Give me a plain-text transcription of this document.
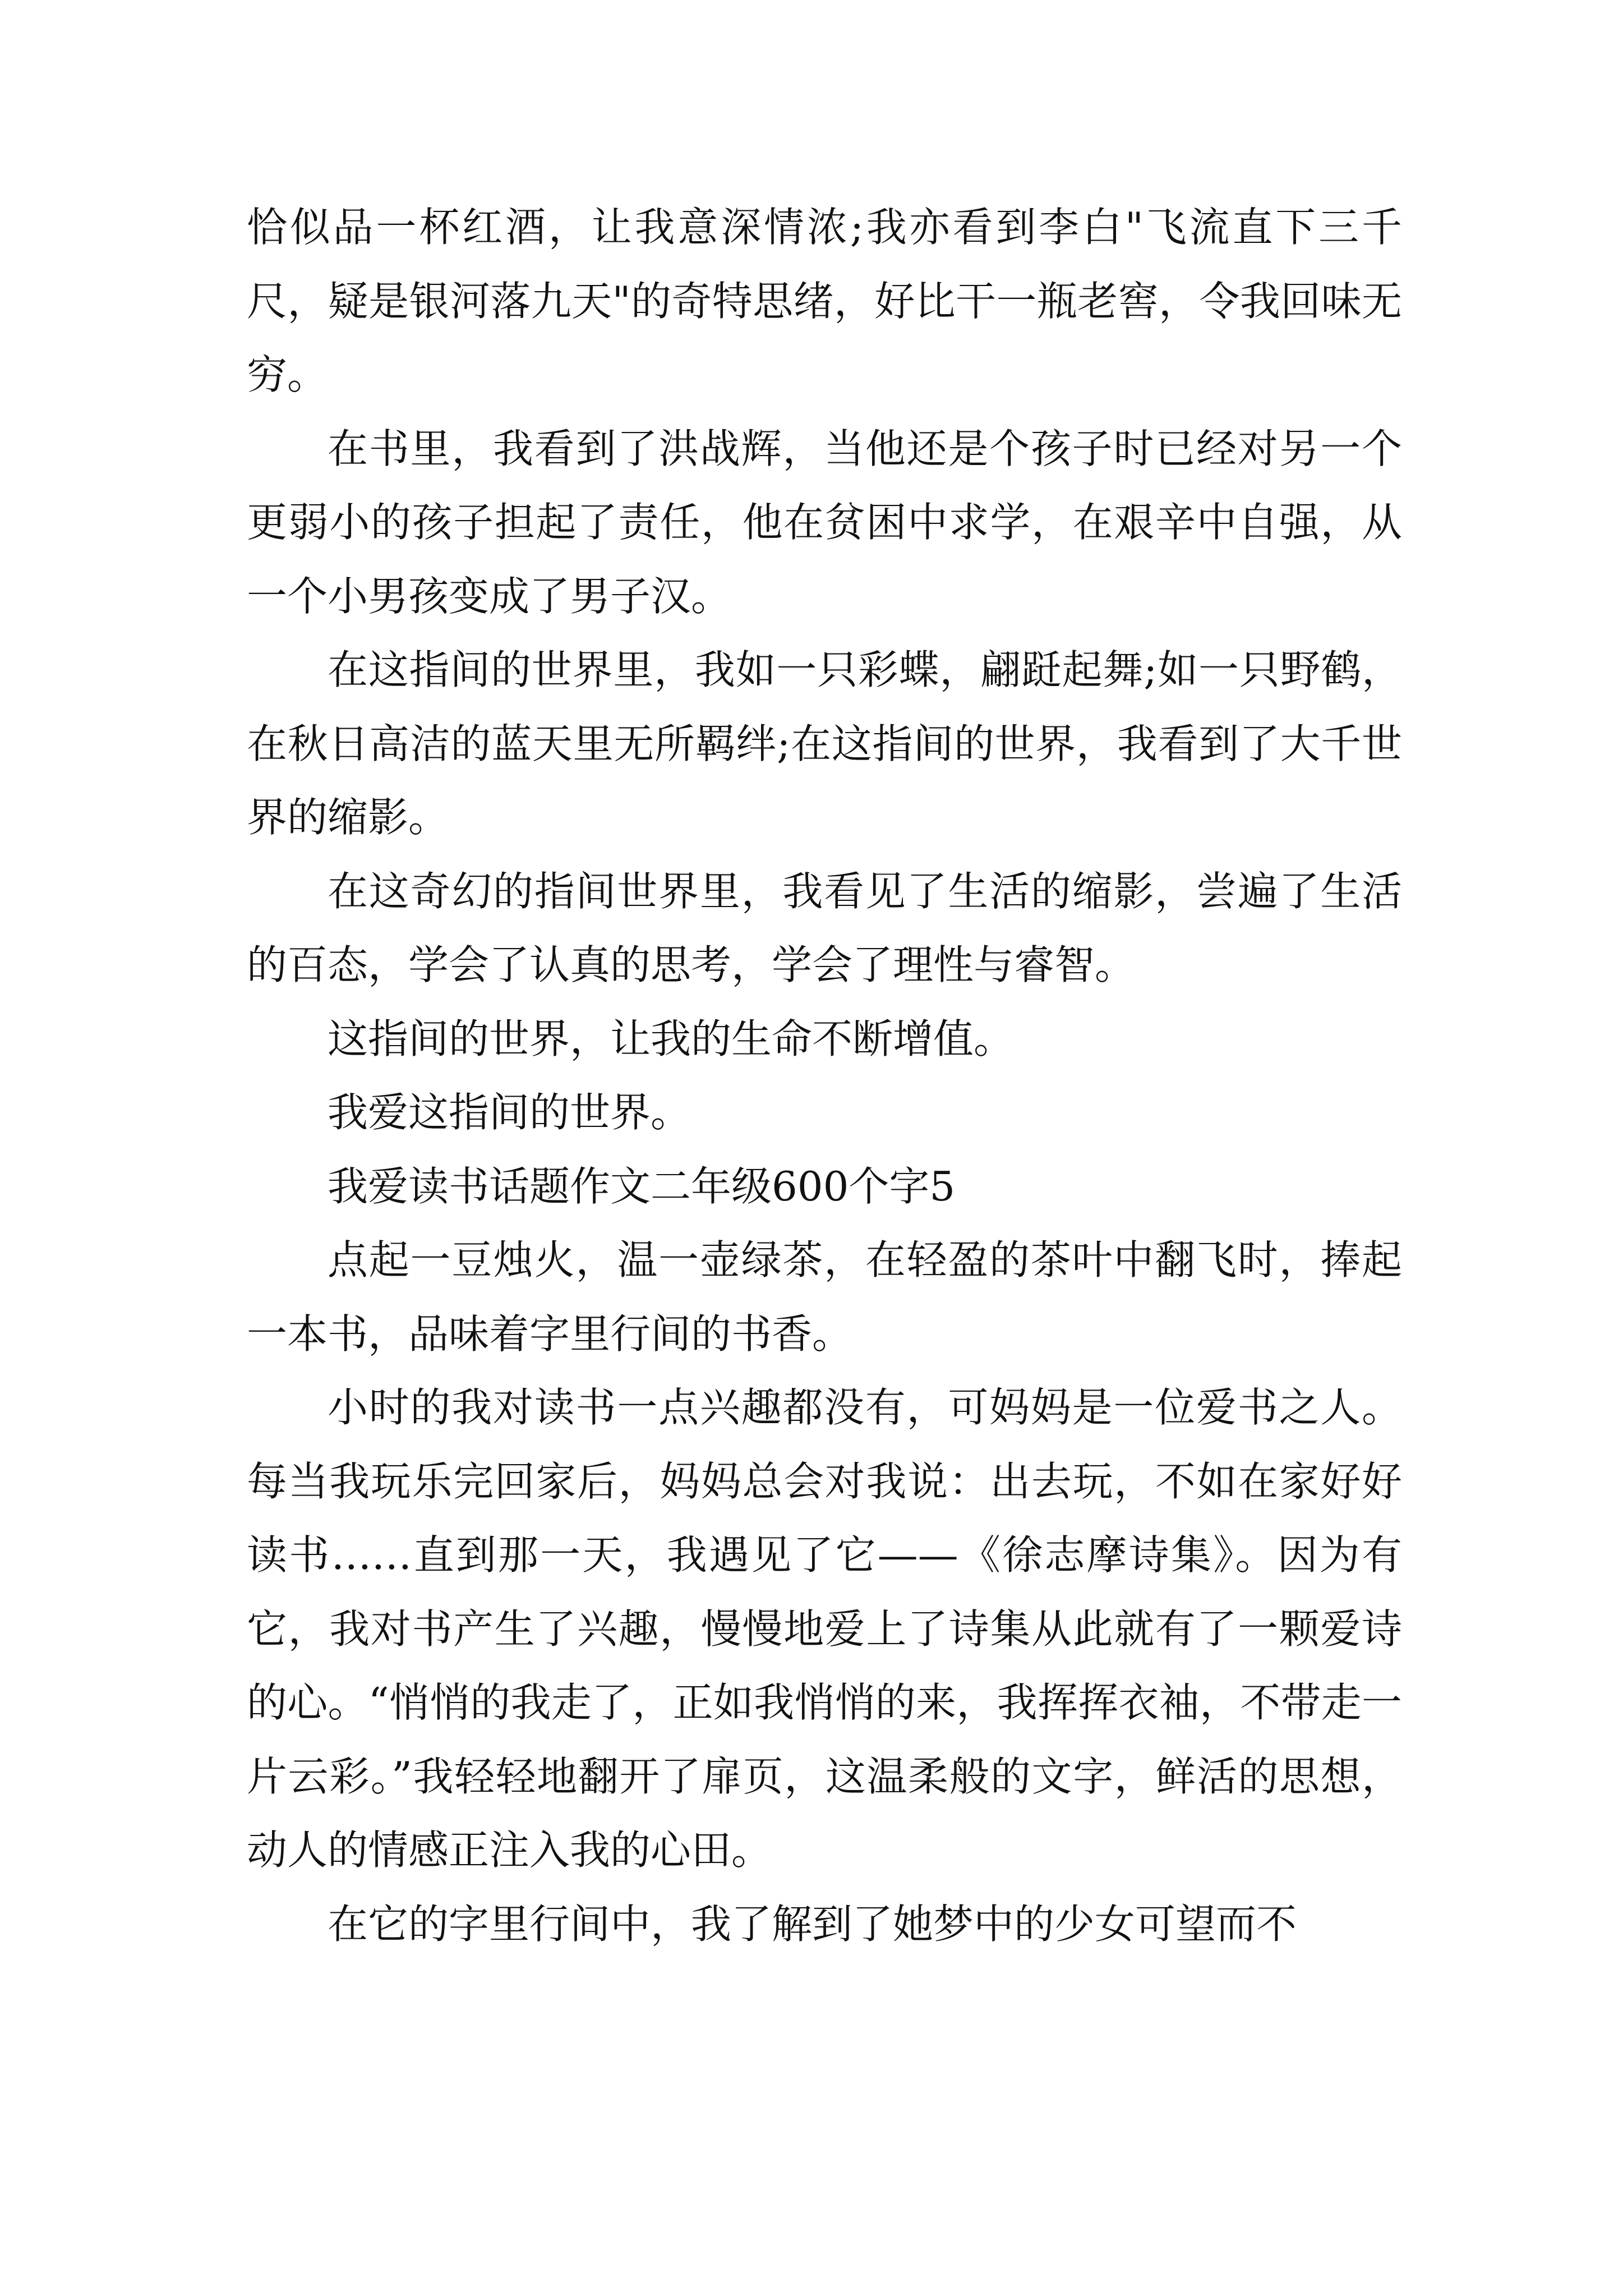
恰似品一杯红酒，让我意深情浓;我亦看到李白"飞流直下三千尺，疑是银河落九天"的奇特思绪，好比干一瓶老窖，令我回味无穷。

在书里，我看到了洪战辉，当他还是个孩子时已经对另一个更弱小的孩子担起了责任，他在贫困中求学，在艰辛中自强，从一个小男孩变成了男子汉。

在这指间的世界里，我如一只彩蝶，翩跹起舞;如一只野鹤，在秋日高洁的蓝天里无所羁绊;在这指间的世界，我看到了大千世界的缩影。

在这奇幻的指间世界里，我看见了生活的缩影，尝遍了生活的百态，学会了认真的思考，学会了理性与睿智。

这指间的世界，让我的生命不断增值。

我爱这指间的世界。

我爱读书话题作文二年级600个字5

点起一豆烛火，温一壶绿茶，在轻盈的茶叶中翻飞时，捧起一本书，品味着字里行间的书香。

小时的我对读书一点兴趣都没有，可妈妈是一位爱书之人。每当我玩乐完回家后，妈妈总会对我说：出去玩，不如在家好好读书……直到那一天，我遇见了它——《徐志摩诗集》。因为有它，我对书产生了兴趣，慢慢地爱上了诗集从此就有了一颗爱诗的心。“悄悄的我走了，正如我悄悄的来，我挥挥衣袖，不带走一片云彩。”我轻轻地翻开了扉页，这温柔般的文字，鲜活的思想，动人的情感正注入我的心田。

在它的字里行间中，我了解到了她梦中的少女可望而不
